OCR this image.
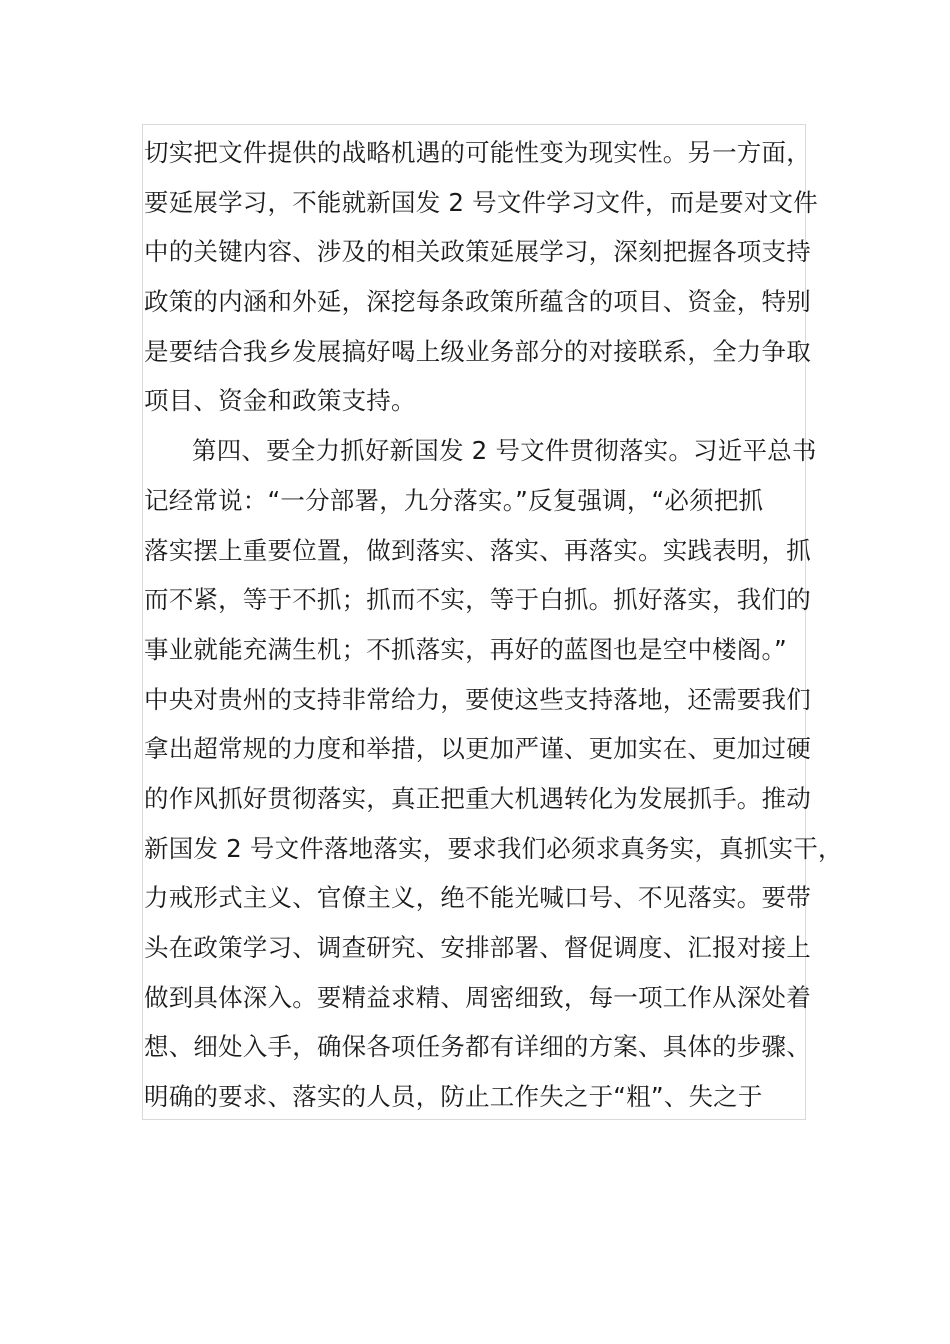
切实把文件提供的战略机遇的可能性变为现实性。另一方面，
要延展学习，不能就新国发 2 号文件学习文件，而是要对文件
中的关键内容、涉及的相关政策延展学习，深刻把握各项支持
政策的内涵和外延，深挖每条政策所蕴含的项目、资金，特别
是要结合我乡发展搞好喝上级业务部分的对接联系，全力争取
项目、资金和政策支持。
第四、要全力抓好新国发 2 号文件贯彻落实。习近平总书
记经常说：“一分部署，九分落实。”反复强调，“必须把抓
落实摆上重要位置，做到落实、落实、再落实。实践表明，抓
而不紧，等于不抓；抓而不实，等于白抓。抓好落实，我们的
事业就能充满生机；不抓落实，再好的蓝图也是空中楼阁。”
中央对贵州的支持非常给力，要使这些支持落地，还需要我们
拿出超常规的力度和举措，以更加严谨、更加实在、更加过硬
的作风抓好贯彻落实，真正把重大机遇转化为发展抓手。推动
新国发 2 号文件落地落实，要求我们必须求真务实，真抓实干，
力戒形式主义、官僚主义，绝不能光喊口号、不见落实。要带
头在政策学习、调查研究、安排部署、督促调度、汇报对接上
做到具体深入。要精益求精、周密细致，每一项工作从深处着
想、细处入手，确保各项任务都有详细的方案、具体的步骤、
明确的要求、落实的人员，防止工作失之于“粗”、失之于
